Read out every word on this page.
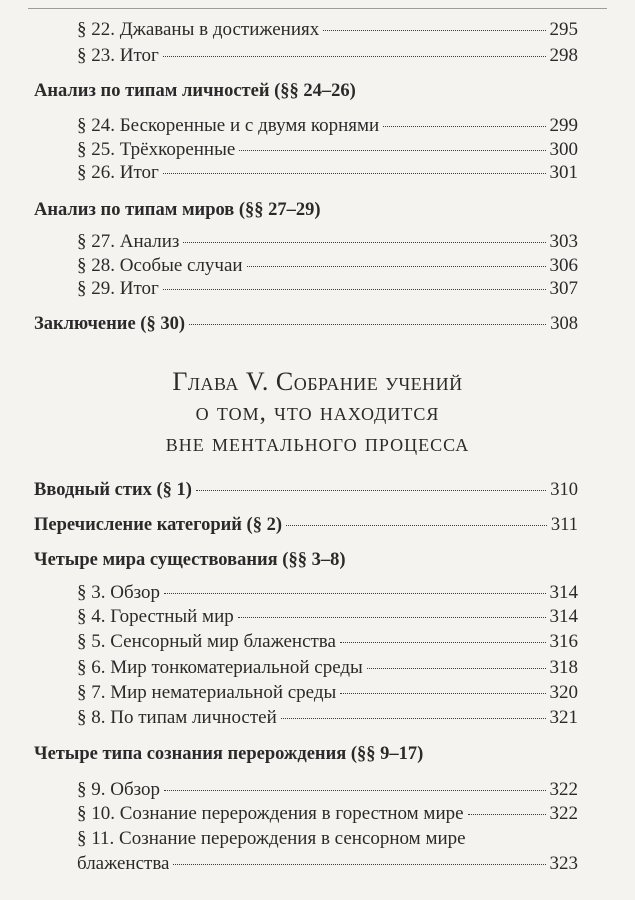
§ 22. Джаваны в достижениях	295
§ 23. Итог	298
Анализ по типам личностей (§§ 24–26)
§ 24. Бескоренные и с двумя корнями	299
§ 25. Трёхкоренные	300
§ 26. Итог	301
Анализ по типам миров (§§ 27–29)
§ 27. Анализ	303
§ 28. Особые случаи	306
§ 29. Итог	307
Заключение (§ 30)	308
Глава V. Собрание учений
о том, что находится
вне ментального процесса
Вводный стих (§ 1)	310
Перечисление категорий (§ 2)	311
Четыре мира существования (§§ 3–8)
§ 3. Обзор	314
§ 4. Горестный мир	314
§ 5. Сенсорный мир блаженства	316
§ 6. Мир тонкоматериальной среды	318
§ 7. Мир нематериальной среды	320
§ 8. По типам личностей	321
Четыре типа сознания перерождения (§§ 9–17)
§ 9. Обзор	322
§ 10. Сознание перерождения в горестном мире	322
§ 11. Сознание перерождения в сенсорном мире
блаженства	323
